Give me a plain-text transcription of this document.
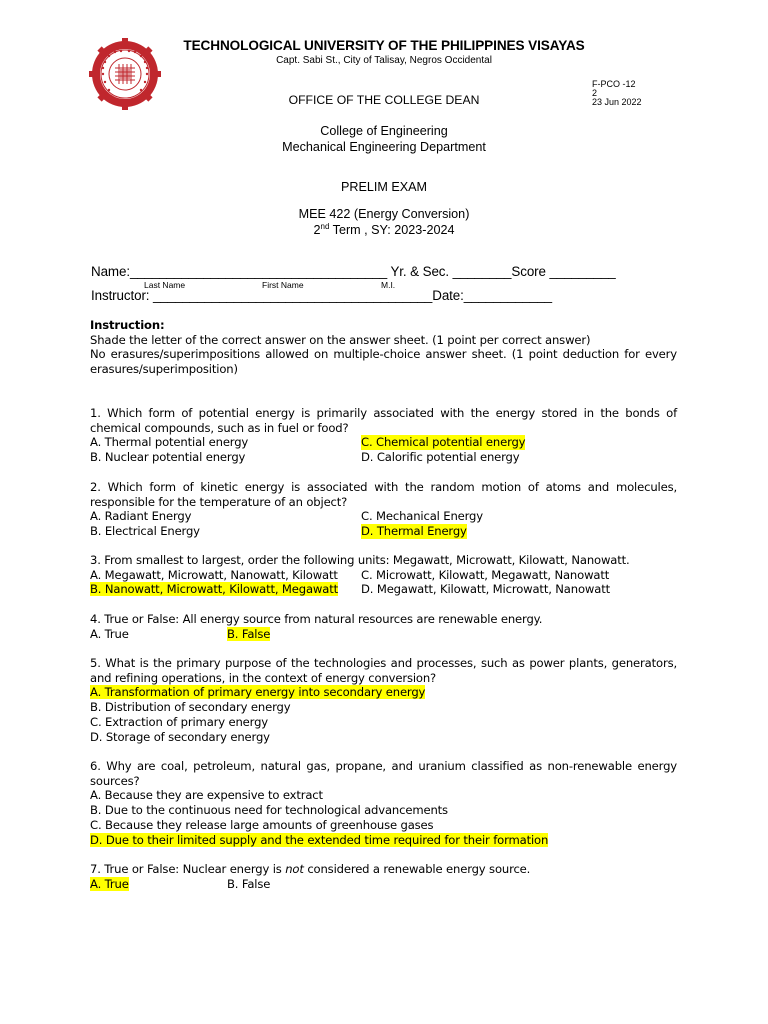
TECHNOLOGICAL UNIVERSITY OF THE PHILIPPINES VISAYAS
Capt. Sabi St., City of Talisay, Negros Occidental
F-PCO -12
2
23 Jun 2022
OFFICE OF THE COLLEGE DEAN
College of Engineering
Mechanical Engineering Department
PRELIM EXAM
MEE 422 (Energy Conversion)
2nd Term , SY: 2023-2024
Name:___________________________________ Yr. & Sec. ________Score _________
Last Name	First Name	M.I.
Instructor: ______________________________________Date:____________

Instruction:

Shade the letter of the correct answer on the answer sheet. (1 point per correct answer)

No erasures/superimpositions allowed on multiple-choice answer sheet. (1 point deduction for every erasures/superimposition)

1. Which form of potential energy is primarily associated with the energy stored in the bonds of chemical compounds, such as in fuel or food?

A. Thermal potential energy	C. Chemical potential energy
B. Nuclear potential energy	D. Calorific potential energy

2. Which form of kinetic energy is associated with the random motion of atoms and molecules, responsible for the temperature of an object?

A. Radiant Energy	C. Mechanical Energy
B. Electrical Energy	D. Thermal Energy

3. From smallest to largest, order the following units: Megawatt, Microwatt, Kilowatt, Nanowatt.

A. Megawatt, Microwatt, Nanowatt, Kilowatt	C. Microwatt, Kilowatt, Megawatt, Nanowatt
B. Nanowatt, Microwatt, Kilowatt, Megawatt	D. Megawatt, Kilowatt, Microwatt, Nanowatt

4. True or False: All energy source from natural resources are renewable energy.

A. True	B. False

5. What is the primary purpose of the technologies and processes, such as power plants, generators, and refining operations, in the context of energy conversion?

A. Transformation of primary energy into secondary energy

B. Distribution of secondary energy

C. Extraction of primary energy

D. Storage of secondary energy

6. Why are coal, petroleum, natural gas, propane, and uranium classified as non-renewable energy sources?

A. Because they are expensive to extract

B. Due to the continuous need for technological advancements

C. Because they release large amounts of greenhouse gases

D. Due to their limited supply and the extended time required for their formation

7. True or False: Nuclear energy is not considered a renewable energy source.

A. True	B. False
